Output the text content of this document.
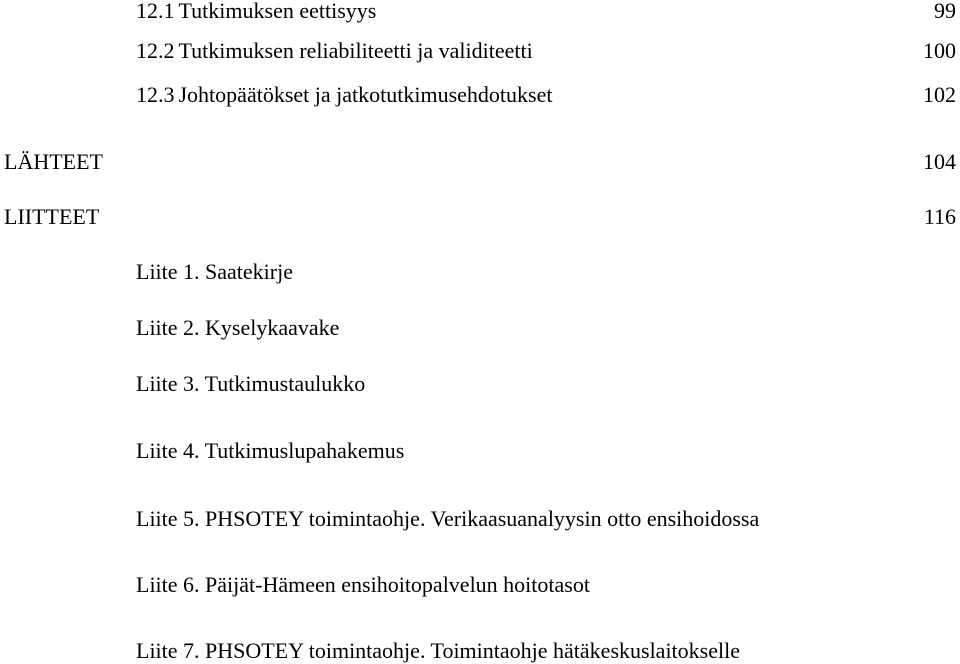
12.1 Tutkimuksen eettisyys	99
12.2 Tutkimuksen reliabiliteetti ja validiteetti	100
12.3 Johtopäätökset ja jatkotutkimusehdotukset	102
LÄHTEET	104
LIITTEET	116
Liite 1. Saatekirje
Liite 2. Kyselykaavake
Liite 3. Tutkimustaulukko
Liite 4. Tutkimuslupahakemus
Liite 5. PHSOTEY toimintaohje. Verikaasuanalyysin otto ensihoidossa
Liite 6. Päijät-Hämeen ensihoitopalvelun hoitotasot
Liite 7. PHSOTEY toimintaohje. Toimintaohje hätäkeskuslaitokselle
